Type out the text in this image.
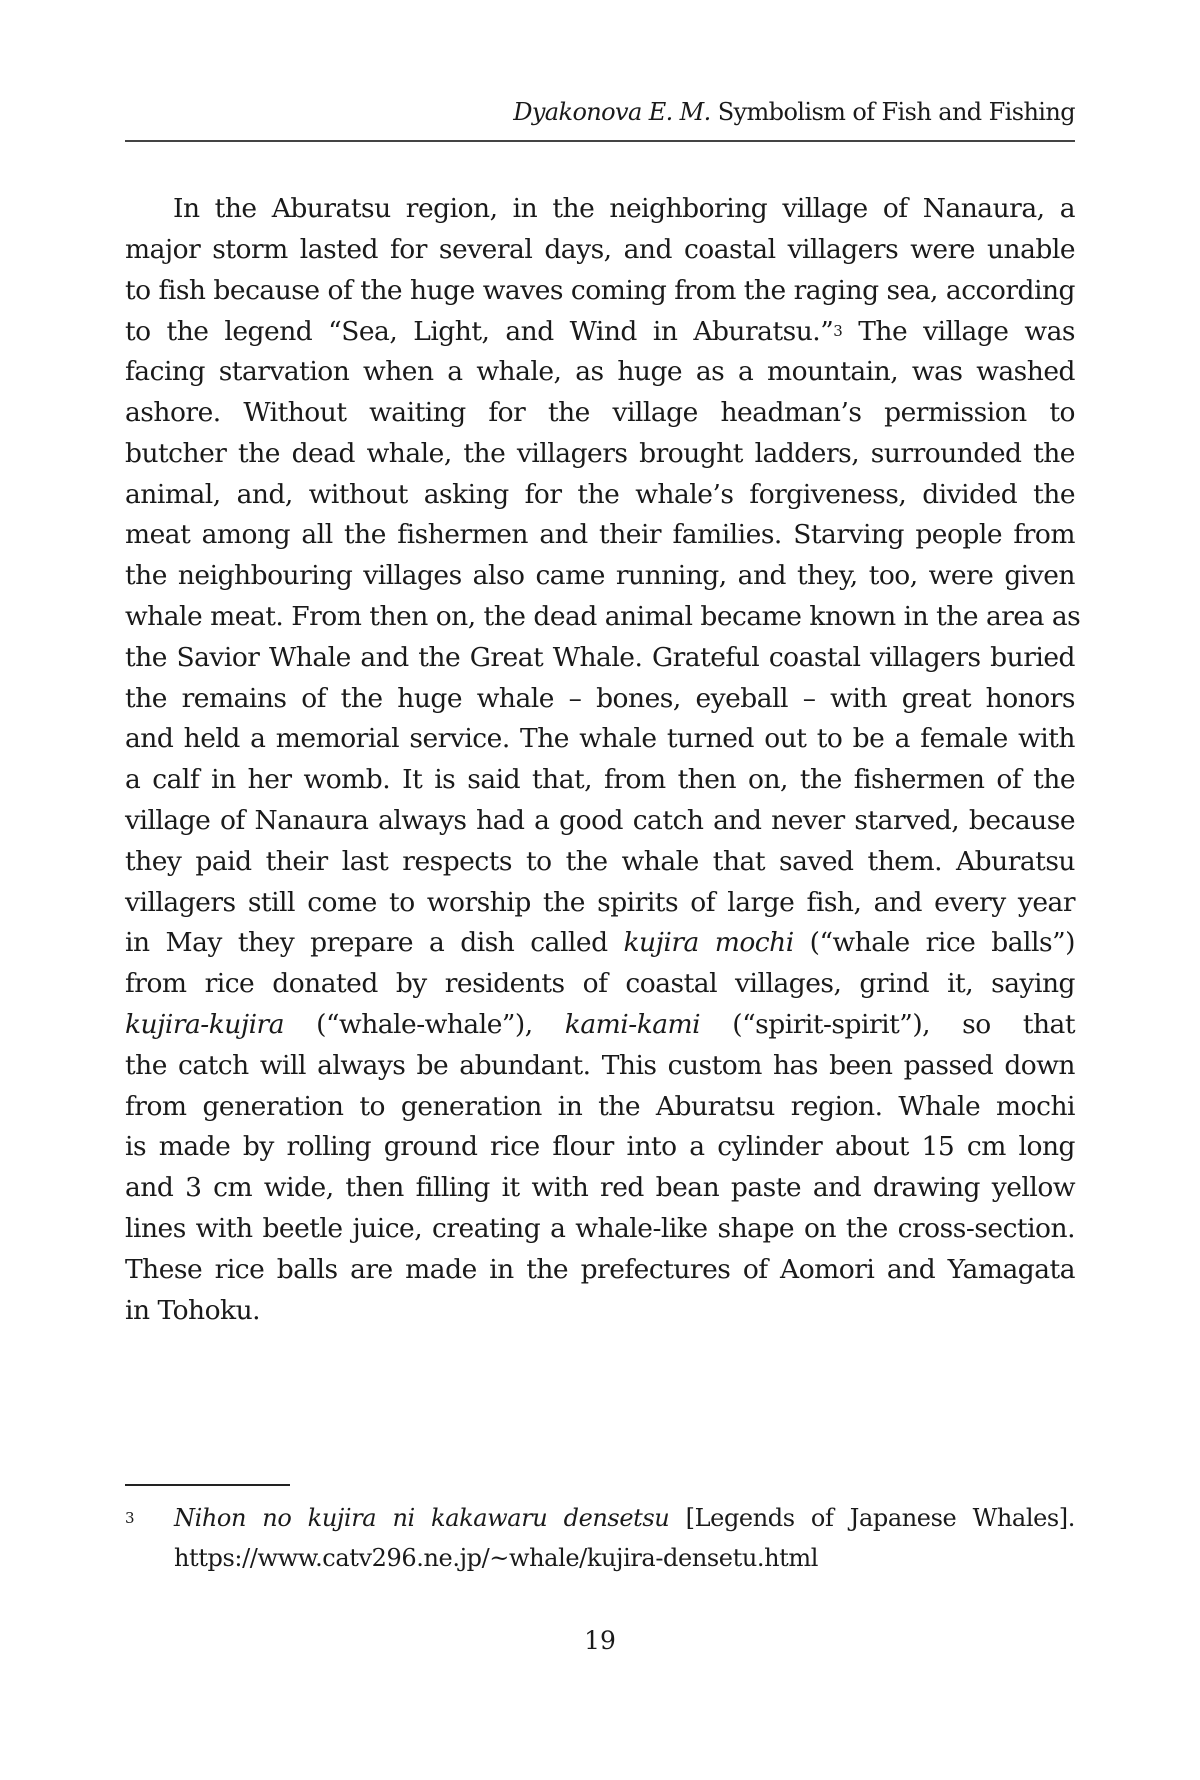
Dyakonova E. M. Symbolism of Fish and Fishing
In the Aburatsu region, in the neighboring village of Nanaura, a
major storm lasted for several days, and coastal villagers were unable
to fish because of the huge waves coming from the raging sea, according
to the legend “Sea, Light, and Wind in Aburatsu.”$^3$ The village was
facing starvation when a whale, as huge as a mountain, was washed
ashore. Without waiting for the village headman’s permission to
butcher the dead whale, the villagers brought ladders, surrounded the
animal, and, without asking for the whale’s forgiveness, divided the
meat among all the fishermen and their families. Starving people from
the neighbouring villages also came running, and they, too, were given
whale meat. From then on, the dead animal became known in the area as
the Savior Whale and the Great Whale. Grateful coastal villagers buried
the remains of the huge whale – bones, eyeball – with great honors
and held a memorial service. The whale turned out to be a female with
a calf in her womb. It is said that, from then on, the fishermen of the
village of Nanaura always had a good catch and never starved, because
they paid their last respects to the whale that saved them. Aburatsu
villagers still come to worship the spirits of large fish, and every year
in May they prepare a dish called kujira mochi (“whale rice balls”)
from rice donated by residents of coastal villages, grind it, saying
kujira-kujira (“whale-whale”), kami-kami (“spirit-spirit”), so that
the catch will always be abundant. This custom has been passed down
from generation to generation in the Aburatsu region. Whale mochi
is made by rolling ground rice flour into a cylinder about 15 cm long
and 3 cm wide, then filling it with red bean paste and drawing yellow
lines with beetle juice, creating a whale-like shape on the cross-section.
These rice balls are made in the prefectures of Aomori and Yamagata
in Tohoku.
3 Nihon no kujira ni kakawaru densetsu [Legends of Japanese Whales].
https://www.catv296.ne.jp/~whale/kujira-densetu.html
19
